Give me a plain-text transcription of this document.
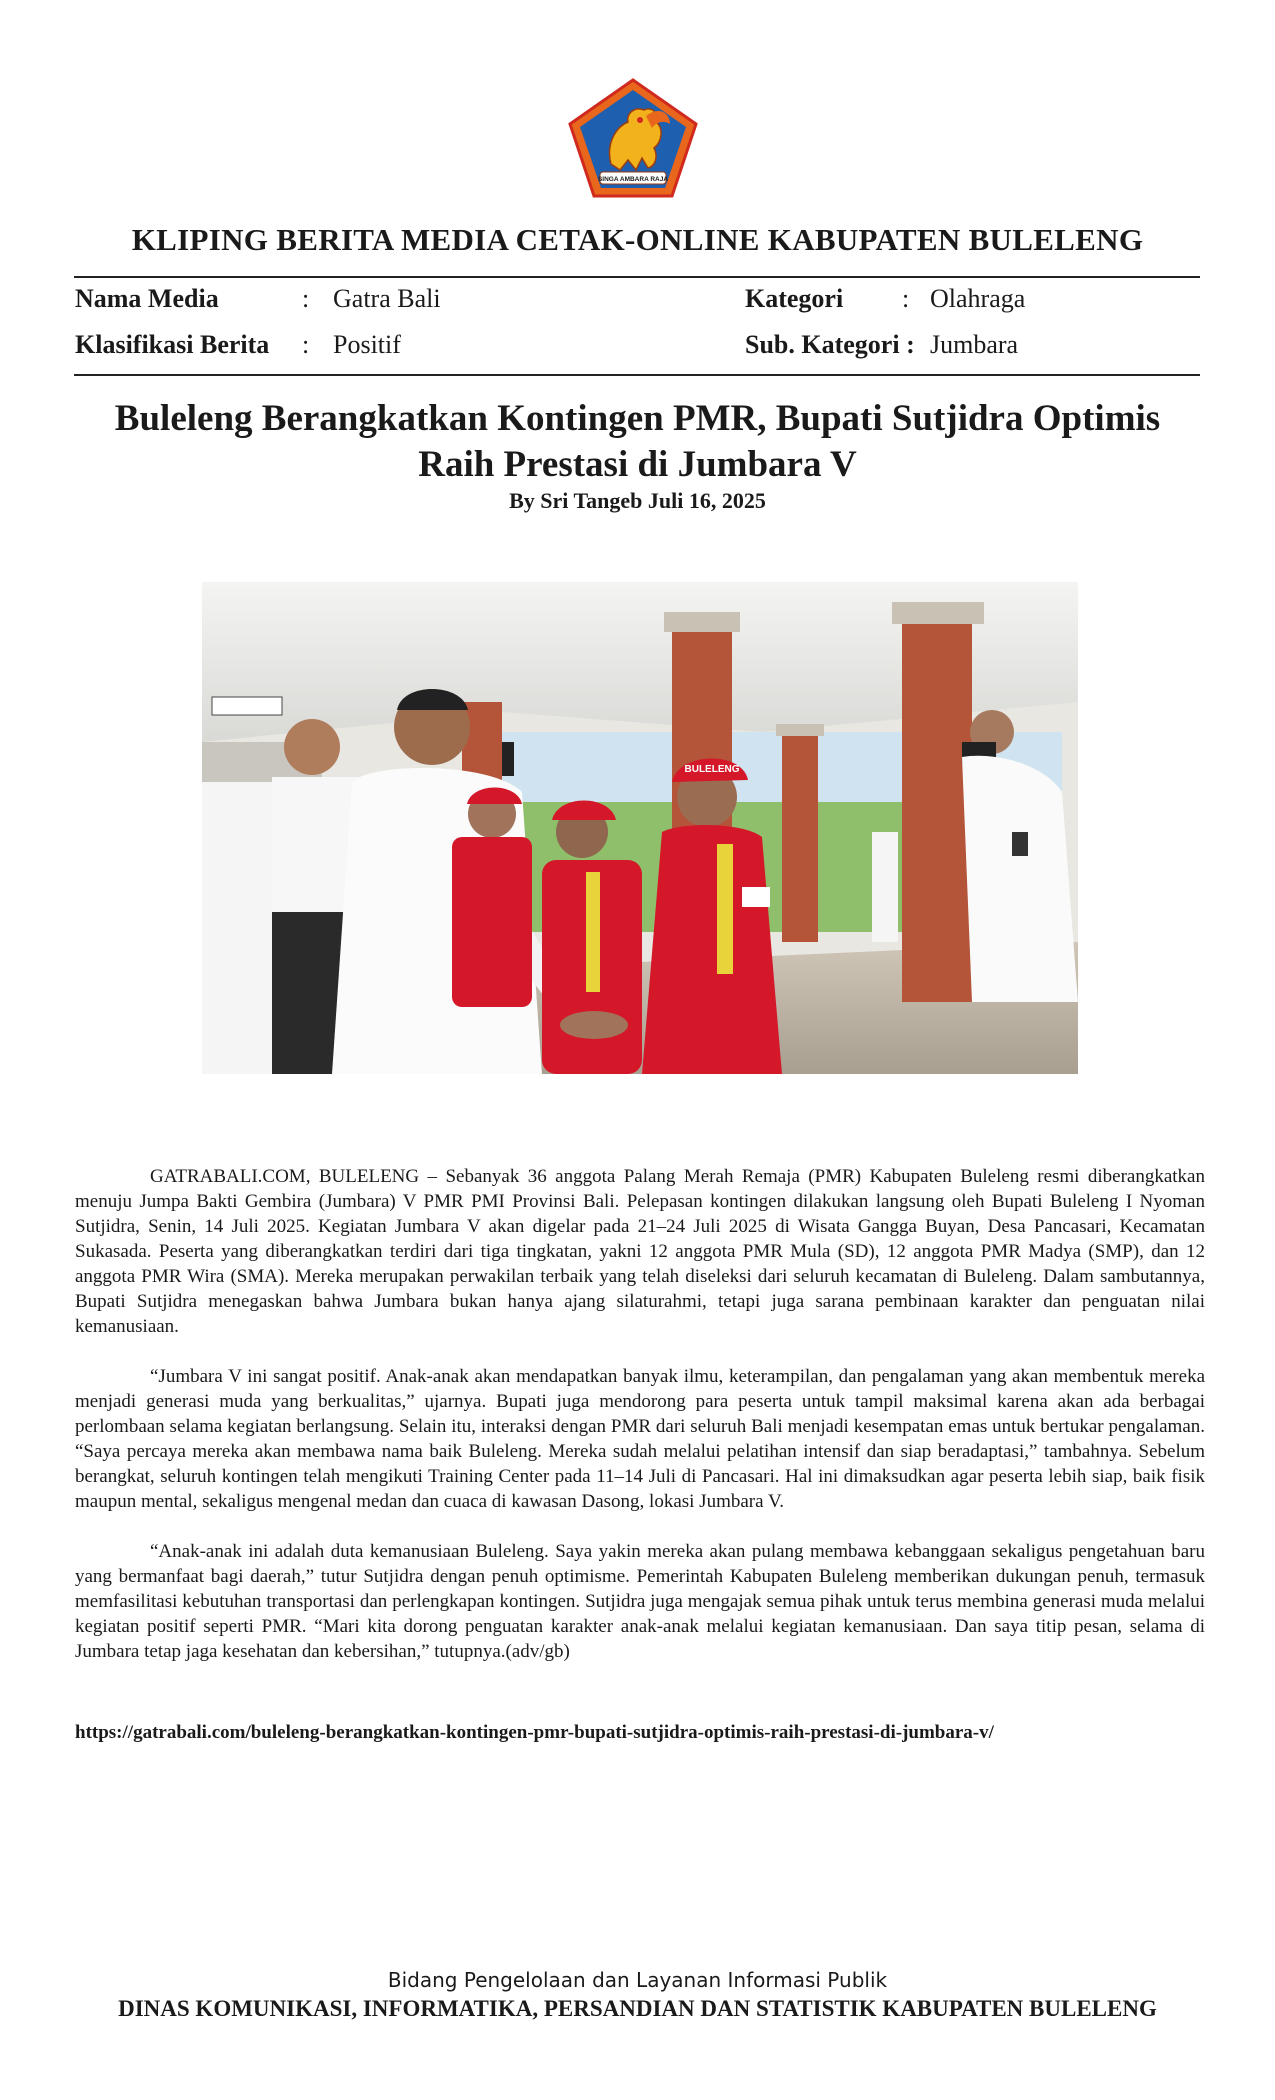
SINGA AMBARA RAJA
KLIPING BERITA MEDIA CETAK-ONLINE KABUPATEN BULELENG
Nama Media	: Gatra Bali	Kategori : Olahraga
Klasifikasi Berita : Positif	Sub. Kategori : Jumbara
Buleleng Berangkatkan Kontingen PMR, Bupati Sutjidra Optimis
Raih Prestasi di Jumbara V
By Sri Tangeb Juli 16, 2025
BULELENG

GATRABALI.COM, BULELENG – Sebanyak 36 anggota Palang Merah Remaja (PMR) Kabupaten Buleleng resmi diberangkatkan menuju Jumpa Bakti Gembira (Jumbara) V PMR PMI Provinsi Bali. Pelepasan kontingen dilakukan langsung oleh Bupati Buleleng I Nyoman Sutjidra, Senin, 14 Juli 2025. Kegiatan Jumbara V akan digelar pada 21–24 Juli 2025 di Wisata Gangga Buyan, Desa Pancasari, Kecamatan Sukasada. Peserta yang diberangkatkan terdiri dari tiga tingkatan, yakni 12 anggota PMR Mula (SD), 12 anggota PMR Madya (SMP), dan 12 anggota PMR Wira (SMA). Mereka merupakan perwakilan terbaik yang telah diseleksi dari seluruh kecamatan di Buleleng. Dalam sambutannya, Bupati Sutjidra menegaskan bahwa Jumbara bukan hanya ajang silaturahmi, tetapi juga sarana pembinaan karakter dan penguatan nilai kemanusiaan.

“Jumbara V ini sangat positif. Anak-anak akan mendapatkan banyak ilmu, keterampilan, dan pengalaman yang akan membentuk mereka menjadi generasi muda yang berkualitas,” ujarnya. Bupati juga mendorong para peserta untuk tampil maksimal karena akan ada berbagai perlombaan selama kegiatan berlangsung. Selain itu, interaksi dengan PMR dari seluruh Bali menjadi kesempatan emas untuk bertukar pengalaman. “Saya percaya mereka akan membawa nama baik Buleleng. Mereka sudah melalui pelatihan intensif dan siap beradaptasi,” tambahnya. Sebelum berangkat, seluruh kontingen telah mengikuti Training Center pada 11–14 Juli di Pancasari. Hal ini dimaksudkan agar peserta lebih siap, baik fisik maupun mental, sekaligus mengenal medan dan cuaca di kawasan Dasong, lokasi Jumbara V.

“Anak-anak ini adalah duta kemanusiaan Buleleng. Saya yakin mereka akan pulang membawa kebanggaan sekaligus pengetahuan baru yang bermanfaat bagi daerah,” tutur Sutjidra dengan penuh optimisme. Pemerintah Kabupaten Buleleng memberikan dukungan penuh, termasuk memfasilitasi kebutuhan transportasi dan perlengkapan kontingen. Sutjidra juga mengajak semua pihak untuk terus membina generasi muda melalui kegiatan positif seperti PMR. “Mari kita dorong penguatan karakter anak-anak melalui kegiatan kemanusiaan. Dan saya titip pesan, selama di Jumbara tetap jaga kesehatan dan kebersihan,” tutupnya.(adv/gb)

https://gatrabali.com/buleleng-berangkatkan-kontingen-pmr-bupati-sutjidra-optimis-raih-prestasi-di-jumbara-v/
Bidang Pengelolaan dan Layanan Informasi Publik
DINAS KOMUNIKASI, INFORMATIKA, PERSANDIAN DAN STATISTIK KABUPATEN BULELENG
